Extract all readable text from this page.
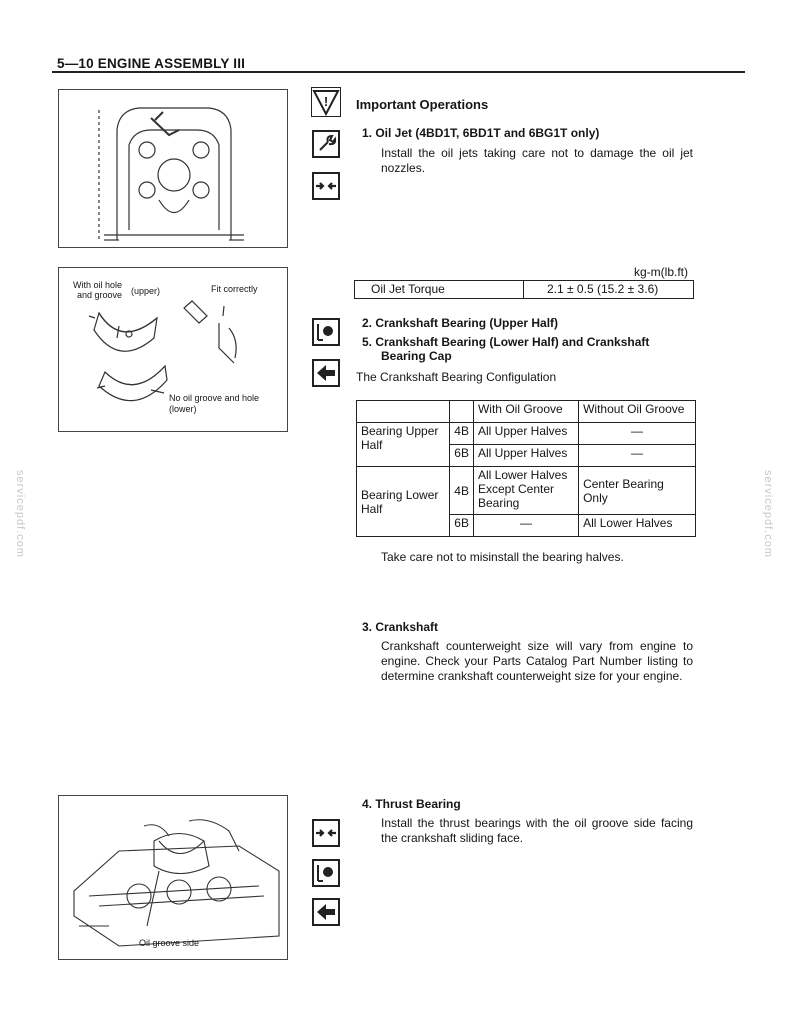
5—10 ENGINE ASSEMBLY III
servicepdf.com	servicepdf.com
With oil hole
(upper)
and groove
Fit correctly
No oil groove and hole
(lower)
Oil groove side
! Important Operations
1. Oil Jet (4BD1T, 6BD1T and 6BG1T only)
Install the oil jets taking care not to damage the oil jet nozzles.
kg-m(lb.ft)
Oil Jet Torque	2.1 ± 0.5 (15.2 ± 3.6)
2. Crankshaft Bearing (Upper Half)
5. Crankshaft Bearing (Lower Half) and Crankshaft
Bearing Cap
The Crankshaft Bearing Configulation
		With Oil Groove	Without Oil Groove
Bearing Upper Half	4B	All Upper Halves	—
	6B	All Upper Halves	—
Bearing Lower Half	4B	All Lower Halves Except Center Bearing	Center Bearing Only
	6B	—	All Lower Halves
Take care not to misinstall the bearing halves.
3. Crankshaft
Crankshaft counterweight size will vary from engine to engine. Check your Parts Catalog Part Number listing to determine crankshaft counterweight size for your engine.
4. Thrust Bearing
Install the thrust bearings with the oil groove side facing the crankshaft sliding face.
